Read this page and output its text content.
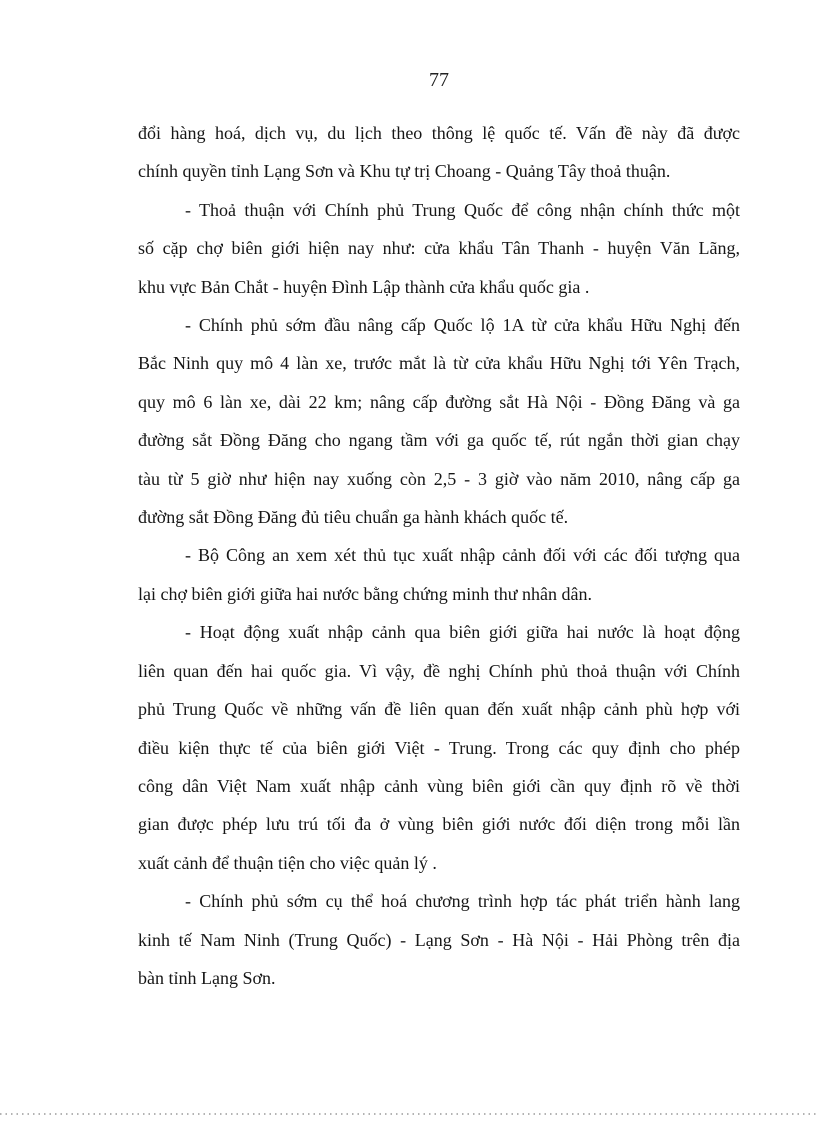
77
đổi hàng hoá, dịch vụ, du lịch theo thông lệ quốc tế. Vấn đề này đã được
chính quyền tỉnh Lạng Sơn và Khu tự trị Choang - Quảng Tây thoả thuận.
- Thoả thuận với Chính phủ Trung Quốc để công nhận chính thức một
số cặp chợ biên giới hiện nay như: cửa khẩu Tân Thanh - huyện Văn Lãng,
khu vực Bản Chắt - huyện Đình Lập thành cửa khẩu quốc gia .
- Chính phủ sớm đầu nâng cấp Quốc lộ 1A từ cửa khẩu Hữu Nghị đến
Bắc Ninh quy mô 4 làn xe, trước mắt là từ cửa khẩu Hữu Nghị tới Yên Trạch,
quy mô 6 làn xe, dài 22 km; nâng cấp đường sắt Hà Nội - Đồng Đăng và ga
đường sắt Đồng Đăng cho ngang tầm với ga quốc tế, rút ngắn thời gian chạy
tàu từ 5 giờ như hiện nay xuống còn 2,5 - 3 giờ vào năm 2010, nâng cấp ga
đường sắt Đồng Đăng đủ tiêu chuẩn ga hành khách quốc tế.
- Bộ Công an xem xét thủ tục xuất nhập cảnh đối với các đối tượng qua
lại chợ biên giới giữa hai nước bằng chứng minh thư nhân dân.
- Hoạt động xuất nhập cảnh qua biên giới giữa hai nước là hoạt động
liên quan đến hai quốc gia. Vì vậy, đề nghị Chính phủ thoả thuận với Chính
phủ Trung Quốc về những vấn đề liên quan đến xuất nhập cảnh phù hợp với
điều kiện thực tế của biên giới Việt - Trung. Trong các quy định cho phép
công dân Việt Nam xuất nhập cảnh vùng biên giới cần quy định rõ về thời
gian được phép lưu trú tối đa ở vùng biên giới nước đối diện trong mỗi lần
xuất cảnh để thuận tiện cho việc quản lý .
- Chính phủ sớm cụ thể hoá chương trình hợp tác phát triển hành lang
kinh tế Nam Ninh (Trung Quốc) - Lạng Sơn - Hà Nội - Hải Phòng trên địa
bàn tỉnh Lạng Sơn.
